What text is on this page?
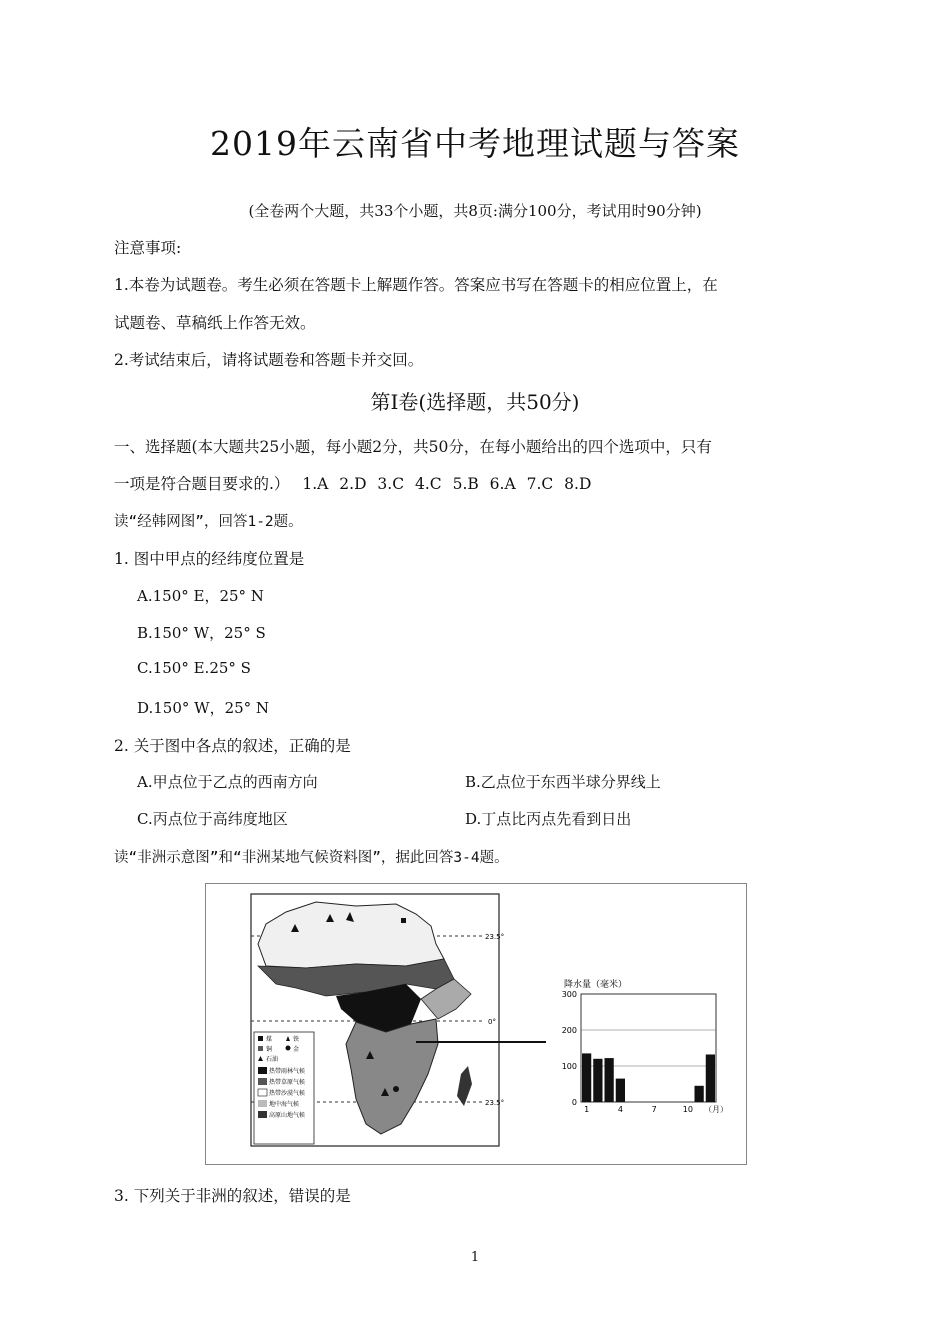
2019年云南省中考地理试题与答案
(全卷两个大题，共33个小题，共8页:满分100分，考试用时90分钟)
注意事项:
1.本卷为试题卷。考生必须在答题卡上解题作答。答案应书写在答题卡的相应位置上，在
试题卷、草稿纸上作答无效。
2.考试结束后，请将试题卷和答题卡并交回。
第Ⅰ卷(选择题，共50分)
一、选择题(本大题共25小题，每小题2分，共50分，在每小题给出的四个选项中，只有
一项是符合题目要求的.） 1.A 2.D 3.C 4.C 5.B 6.A 7.C 8.D
读“经韩网图”，回答1-2题。
1. 图中甲点的经纬度位置是
A.150° E，25° N
B.150° W，25° S
C.150° E.25° S
D.150° W，25° N
2. 关于图中各点的叙述，正确的是
A.甲点位于乙点的西南方向	B.乙点位于东西半球分界线上
C.丙点位于高纬度地区	D.丁点比丙点先看到日出
读“非洲示意图”和“非洲某地气候资料图”，据此回答3-4题。
23.5°
0°
23.5°
煤	铁
铜	金
石油
热带雨林气候
热带草原气候
热带沙漠气候
地中海气候
高原山地气候
降水量（毫米）
0
100
200
300
1	4	7	10 （月）
3. 下列关于非洲的叙述，错误的是
1
